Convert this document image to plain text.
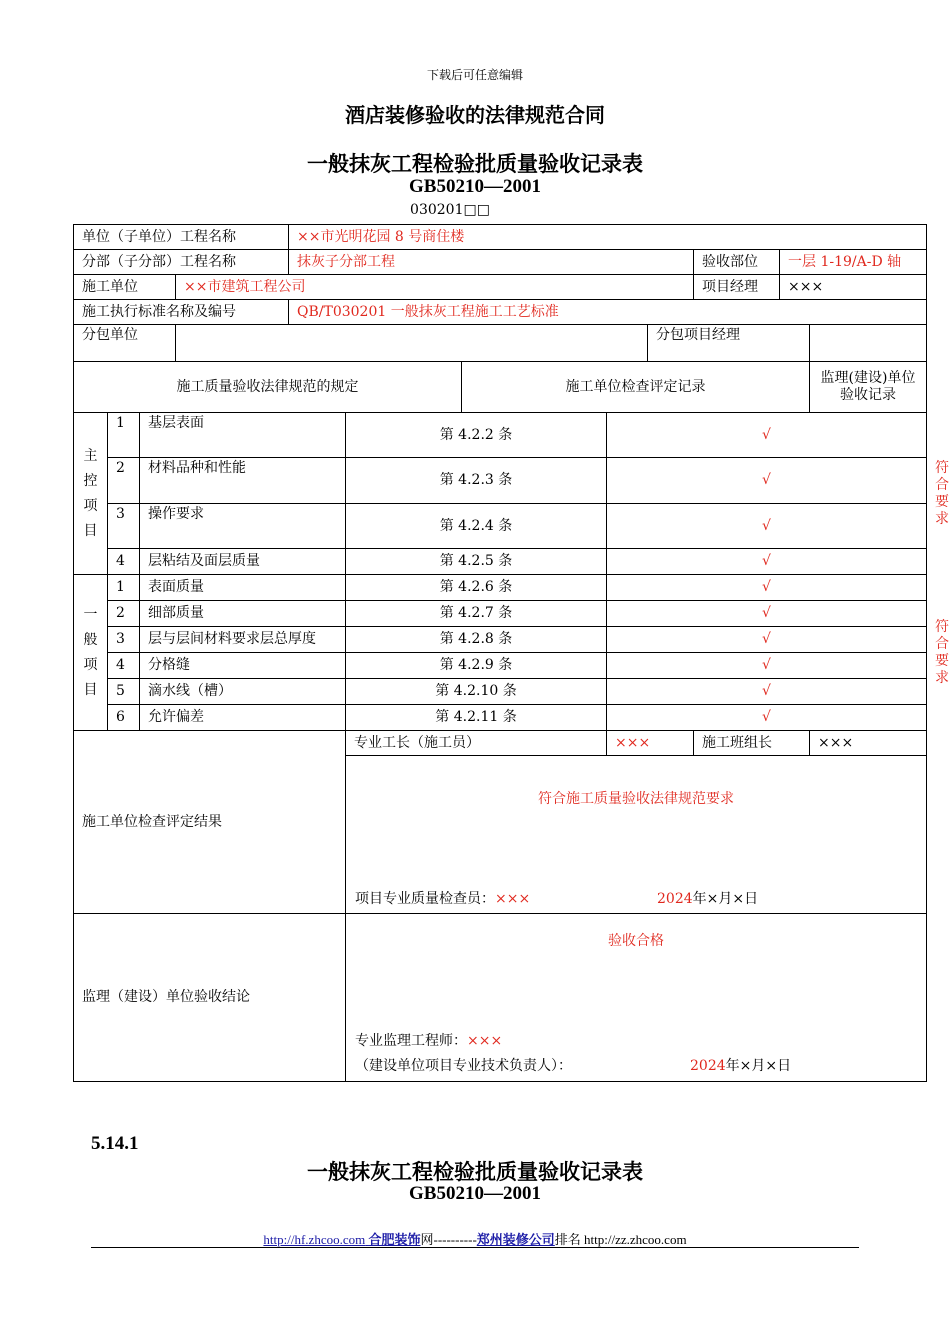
下载后可任意编辑
酒店装修验收的法律规范合同
一般抹灰工程检验批质量验收记录表
GB50210—2001
030201□□
单位（子单位）工程名称				××市光明花园 8 号商住楼								
分部（子分部）工程名称				抹灰子分部工程					验收部位	一层 1-19/A-D 轴		
施工单位			××市建筑工程公司						项目经理	×××		
施工执行标准名称及编号				QB/T030201 一般抹灰工程施工工艺标准								
分包单位								分包项目经理				
施工质量验收法律规范的规定						施工单位检查评定记录					监理(建设)单位验收记录	

主
控
项
目	1	基层表面			第 4.2.2 条		√					符合要求
	2	材料品种和性能			第 4.2.3 条		√					
	3	操作要求			第 4.2.4 条		√					
	4	层粘结及面层质量			第 4.2.5 条		√					

一
般
项
目	1	表面质量			第 4.2.6 条		√					符合要求
	2	细部质量			第 4.2.7 条		√					
	3	层与层间材料要求层总厚度			第 4.2.8 条		√					
	4	分格缝			第 4.2.9 条		√					
	5	滴水线（槽）			第 4.2.10 条		√					
	6	允许偏差			第 4.2.11 条		√					
施工单位检查评定结果					专业工长（施工员）		×××		施工班组长		×××	

					符合施工质量验收法律规范要求
项目专业质量检查员：××× 2024年×月×日							

监理（建设）单位验收结论					验收合格
专业监理工程师：×××
（建设单位项目专业技术负责人）： 2024年×月×日							
5.14.1
一般抹灰工程检验批质量验收记录表
GB50210—2001
http://hf.zhcoo.com 合肥装饰网----------郑州装修公司排名 http://zz.zhcoo.com
